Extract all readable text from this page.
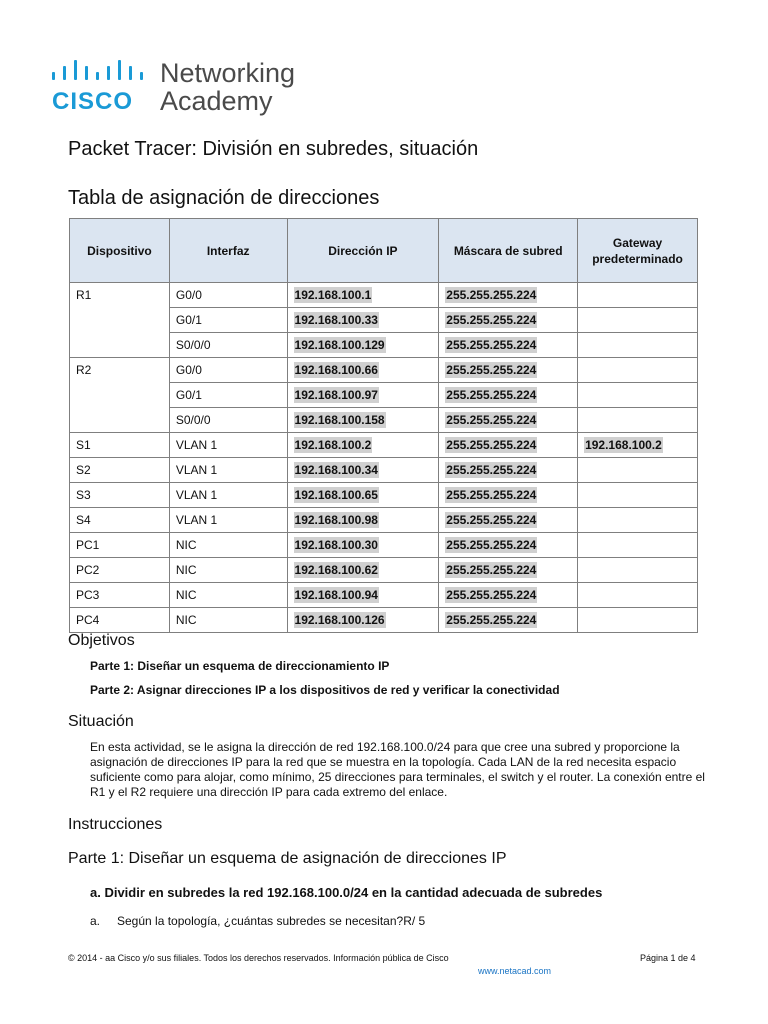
CISCO
Networking
Academy
Packet Tracer: División en subredes, situación
Tabla de asignación de direcciones
Dispositivo	Interfaz	Dirección IP	Máscara de subred	Gateway predeterminado
R1	G0/0	192.168.100.1	255.255.255.224	
	G0/1	192.168.100.33	255.255.255.224	
	S0/0/0	192.168.100.129	255.255.255.224	
R2	G0/0	192.168.100.66	255.255.255.224	
	G0/1	192.168.100.97	255.255.255.224	
	S0/0/0	192.168.100.158	255.255.255.224	
S1	VLAN 1	192.168.100.2	255.255.255.224	192.168.100.2
S2	VLAN 1	192.168.100.34	255.255.255.224	
S3	VLAN 1	192.168.100.65	255.255.255.224	
S4	VLAN 1	192.168.100.98	255.255.255.224	
PC1	NIC	192.168.100.30	255.255.255.224	
PC2	NIC	192.168.100.62	255.255.255.224	
PC3	NIC	192.168.100.94	255.255.255.224	
PC4	NIC	192.168.100.126	255.255.255.224	
Objetivos
Parte 1: Diseñar un esquema de direccionamiento IP
Parte 2: Asignar direcciones IP a los dispositivos de red y verificar la conectividad
Situación
En esta actividad, se le asigna la dirección de red 192.168.100.0/24 para que cree una subred y proporcione la asignación de direcciones IP para la red que se muestra en la topología. Cada LAN de la red necesita espacio suficiente como para alojar, como mínimo, 25 direcciones para terminales, el switch y el router. La conexión entre el R1 y el R2 requiere una dirección IP para cada extremo del enlace.
Instrucciones
Parte 1: Diseñar un esquema de asignación de direcciones IP
a. Dividir en subredes la red 192.168.100.0/24 en la cantidad adecuada de subredes
a. Según la topología, ¿cuántas subredes se necesitan?R/ 5
© 2014 - aa Cisco y/o sus filiales. Todos los derechos reservados. Información pública de Cisco	Página 1 de 4
www.netacad.com
